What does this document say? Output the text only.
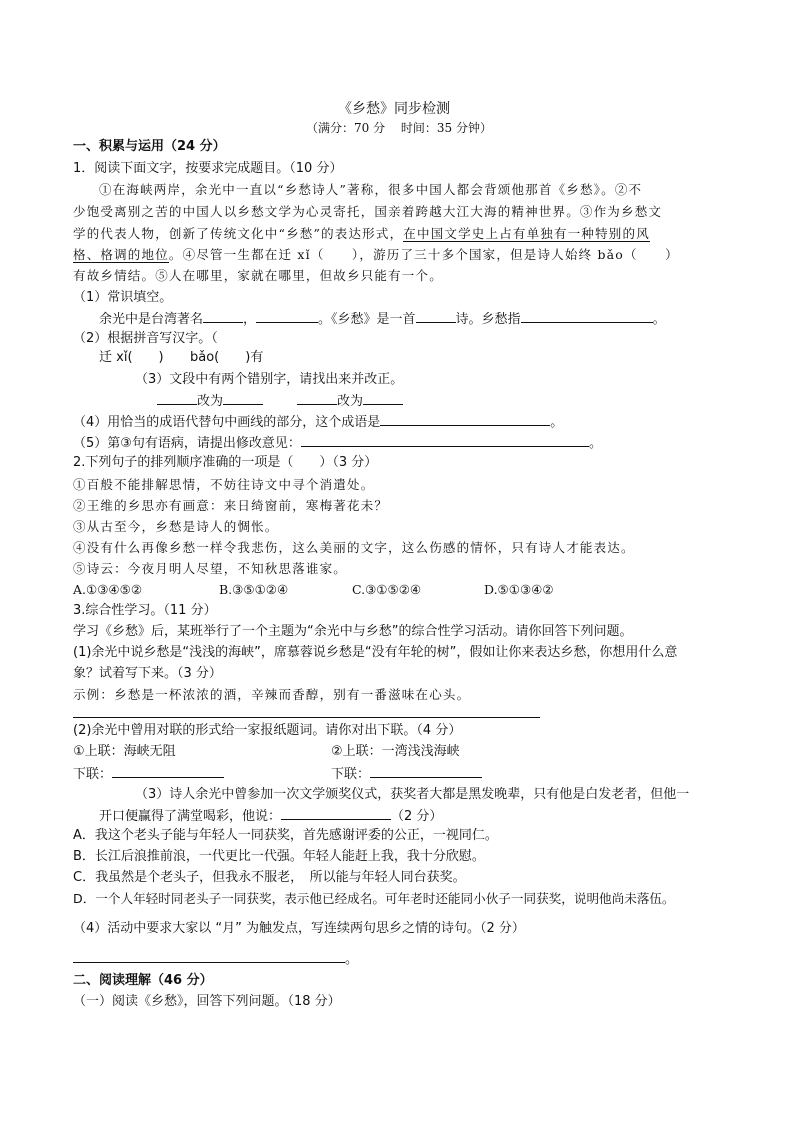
《乡愁》同步检测
（满分：70 分　 时间：35 分钟）
一、积累与运用（24 分）
1．阅读下面文字，按要求完成题目。（10 分）
①在海峡两岸，余光中一直以“乡愁诗人”著称，很多中国人都会背颂他那首《乡愁》。②不
少饱受离别之苦的中国人以乡愁文学为心灵寄托，国亲着跨越大江大海的精神世界。③作为乡愁文
学的代表人物，创新了传统文化中“乡愁”的表达形式，在中国文学史上占有单独有一种特别的风
格、格调的地位。④尽管一生都在迁 xǐ（　　），游历了三十多个国家，但是诗人始终 bǎo（　　）
有故乡情结。⑤人在哪里，家就在哪里，但故乡只能有一个。
（1）常识填空。
余光中是台湾著名	，	。《乡愁》是一首	诗。乡愁指	。
（2）根据拼音写汉字。（
迁 xǐ(　　) bǎo(　　)有
（3）文段中有两个错别字，请找出来并改正。
改为	改为
（4）用恰当的成语代替句中画线的部分，这个成语是	。
（5）第③句有语病，请提出修改意见：	。
2.下列句子的排列顺序准确的一项是（　　）（3 分）
①百般不能排解思情，不妨往诗文中寻个消遣处。
②王维的乡思亦有画意：来日绮窗前，寒梅著花未？
③从古至今，乡愁是诗人的惆怅。
④没有什么再像乡愁一样令我悲伤，这么美丽的文字，这么伤感的情怀，只有诗人才能表达。
⑤诗云：今夜月明人尽望，不知秋思落谁家。
A.①③④⑤②	B.③⑤①②④	C.③①⑤②④	D.⑤①③④②
3.综合性学习。（11 分）
学习《乡愁》后，某班举行了一个主题为“余光中与乡愁”的综合性学习活动。请你回答下列问题。
(1)余光中说乡愁是“浅浅的海峡”，席慕蓉说乡愁是“没有年轮的树”，假如让你来表达乡愁，你想用什么意
象？试着写下来。（3 分）
示例：乡愁是一杯浓浓的酒，辛辣而香醇，别有一番滋味在心头。
(2)余光中曾用对联的形式给一家报纸题词。请你对出下联。（4 分）
①上联：海峡无阻	②上联：一湾浅浅海峡
下联：	下联：
（3）诗人余光中曾参加一次文学颁奖仪式，获奖者大都是黑发晚辈，只有他是白发老者，但他一
开口便赢得了满堂喝彩，他说：	（2 分）
A．我这个老头子能与年轻人一同获奖，首先感谢评委的公正，一视同仁。
B．长江后浪推前浪，一代更比一代强。年轻人能赶上我，我十分欣慰。
C．我虽然是个老头子，但我永不服老，　所以能与年轻人同台获奖。
D．一个人年轻时同老头子一同获奖，表示他已经成名。可年老时还能同小伙子一同获奖，说明他尚未落伍。
（4）活动中要求大家以 “月” 为触发点，写连续两句思乡之情的诗句。（2 分）
。
二、阅读理解（46 分）
（一）阅读《乡愁》，回答下列问题。（18 分）
